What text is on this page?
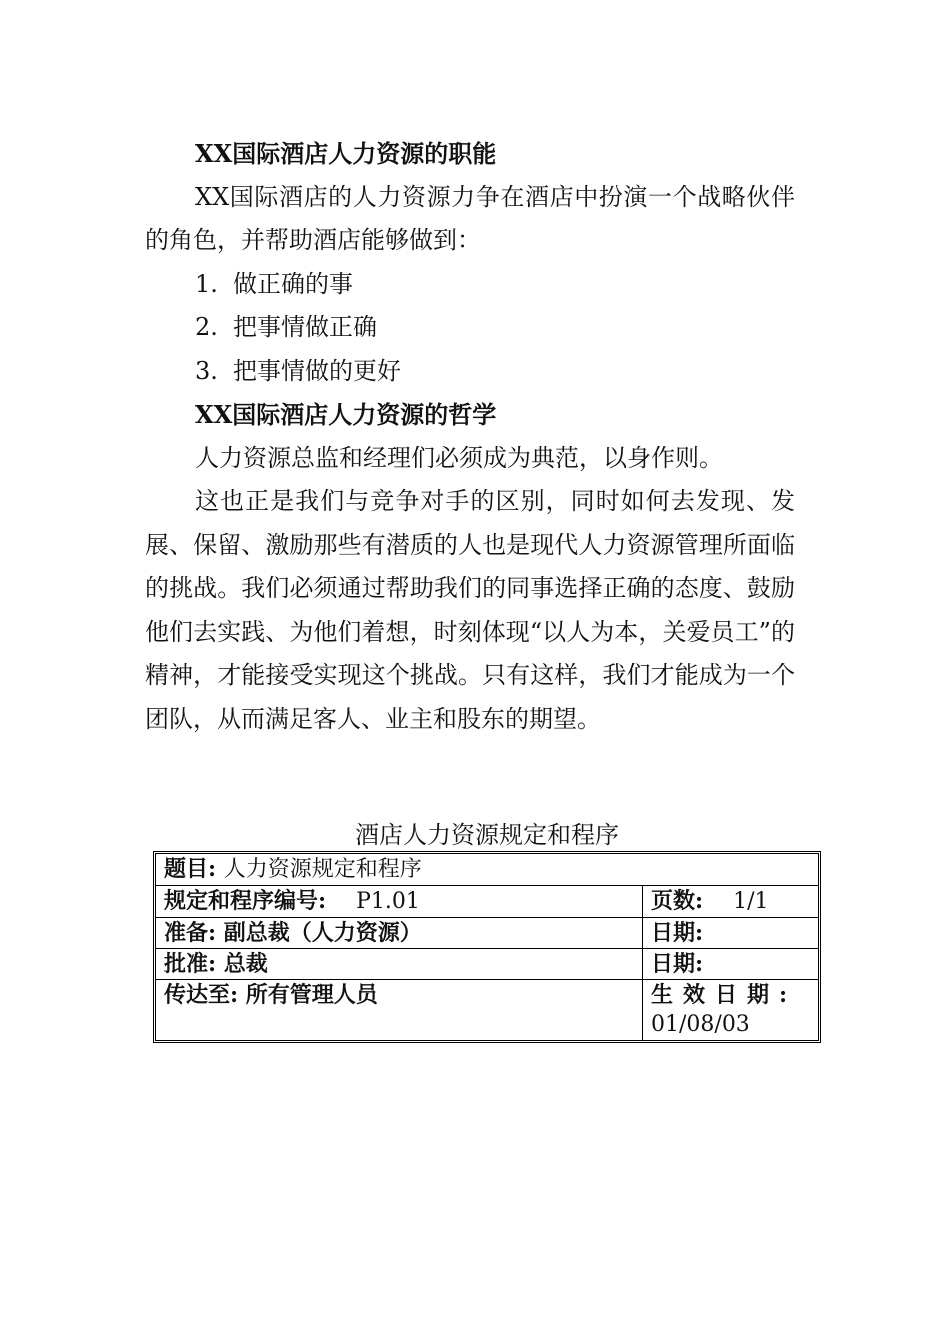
XX国际酒店人力资源的职能

XX国际酒店的人力资源力争在酒店中扮演一个战略伙伴的角色，并帮助酒店能够做到：

1. 做正确的事

2. 把事情做正确

3. 把事情做的更好

XX国际酒店人力资源的哲学

人力资源总监和经理们必须成为典范，以身作则。

这也正是我们与竞争对手的区别，同时如何去发现、发展、保留、激励那些有潜质的人也是现代人力资源管理所面临的挑战。我们必须通过帮助我们的同事选择正确的态度、鼓励他们去实践、为他们着想，时刻体现“以人为本，关爱员工”的精神，才能接受实现这个挑战。只有这样，我们才能成为一个团队，从而满足客人、业主和股东的期望。

酒店人力资源规定和程序
题目: 人力资源规定和程序
规定和程序编号: P1.01	页数: 1/1
准备: 副总裁（人力资源）	日期:
批准: 总裁	日期:
传达至: 所有管理人员	生效日期:
01/08/03
